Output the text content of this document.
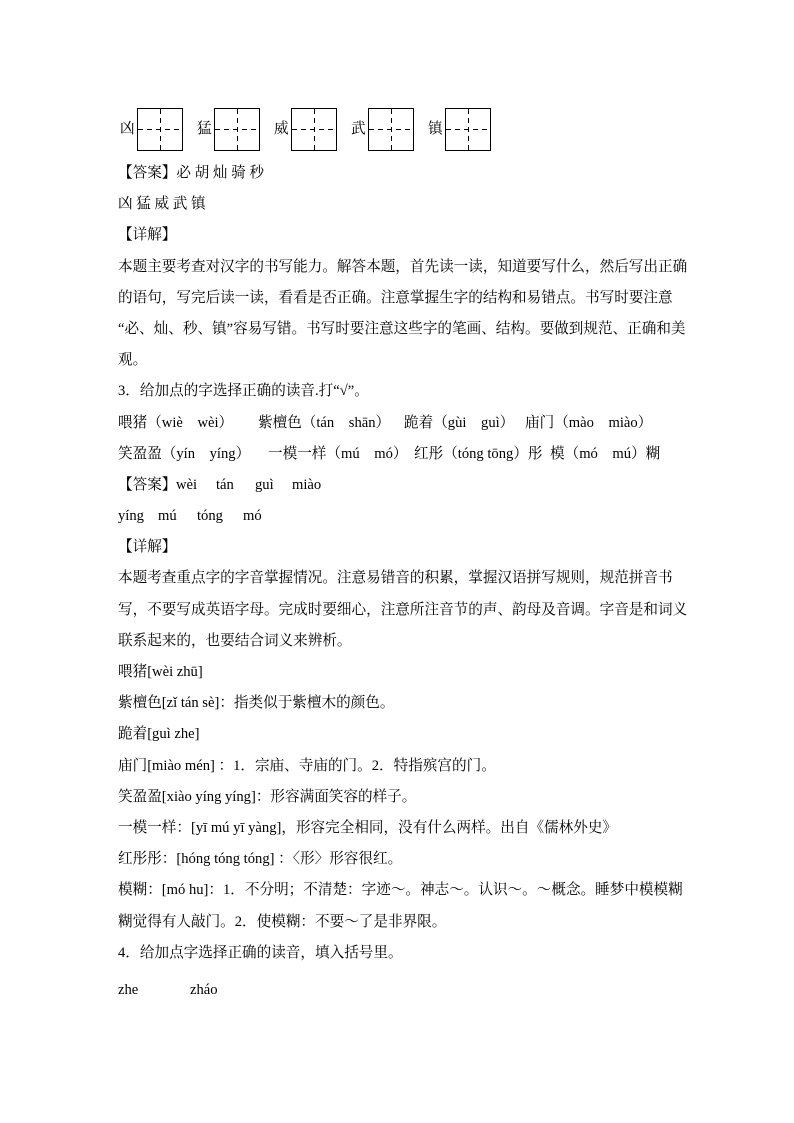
凶	猛	威	武	镇
【答案】必 胡 灿 骑 秒
凶 猛 威 武 镇
【详解】
本题主要考查对汉字的书写能力。解答本题，首先读一读，知道要写什么，然后写出正确
的语句，写完后读一读，看看是否正确。注意掌握生字的结构和易错点。书写时要注意
“必、灿、秒、镇”容易写错。书写时要注意这些字的笔画、结构。要做到规范、正确和美
观。
3．给加点的字选择正确的读音.打“√”。
喂猪（wiè　wèi） 紫檀色（tán　shān） 跪着（gùi　guì） 庙门（mào　miào）
笑盈盈（yín　yíng） 一模一样（mú　mó） 红彤（tóng tōng）彤 模（mó　mú）糊
【答案】 wèi tán guì miào
yíng mú tóng mó
【详解】
本题考查重点字的字音掌握情况。注意易错音的积累，掌握汉语拼写规则，规范拼音书
写，不要写成英语字母。完成时要细心，注意所注音节的声、韵母及音调。字音是和词义
联系起来的，也要结合词义来辨析。
喂猪[wèi zhū]
紫檀色[zǐ tán sè]：指类似于紫檀木的颜色。
跪着[guì zhe]
庙门[miào mén] ：1．宗庙、寺庙的门。2．特指殡宫的门。
笑盈盈[xiào yíng yíng]：形容满面笑容的样子。
一模一样：[yī mú yī yàng]，形容完全相同，没有什么两样。出自《儒林外史》
红彤彤：[hóng tóng tóng] ：〈形〉形容很红。
模糊：[mó hu]：1．不分明；不清楚：字迹～。神志～。认识～。～概念。睡梦中模模糊
糊觉得有人敲门。2．使模糊：不要～了是非界限。
4．给加点字选择正确的读音，填入括号里。
zhe	zháo
